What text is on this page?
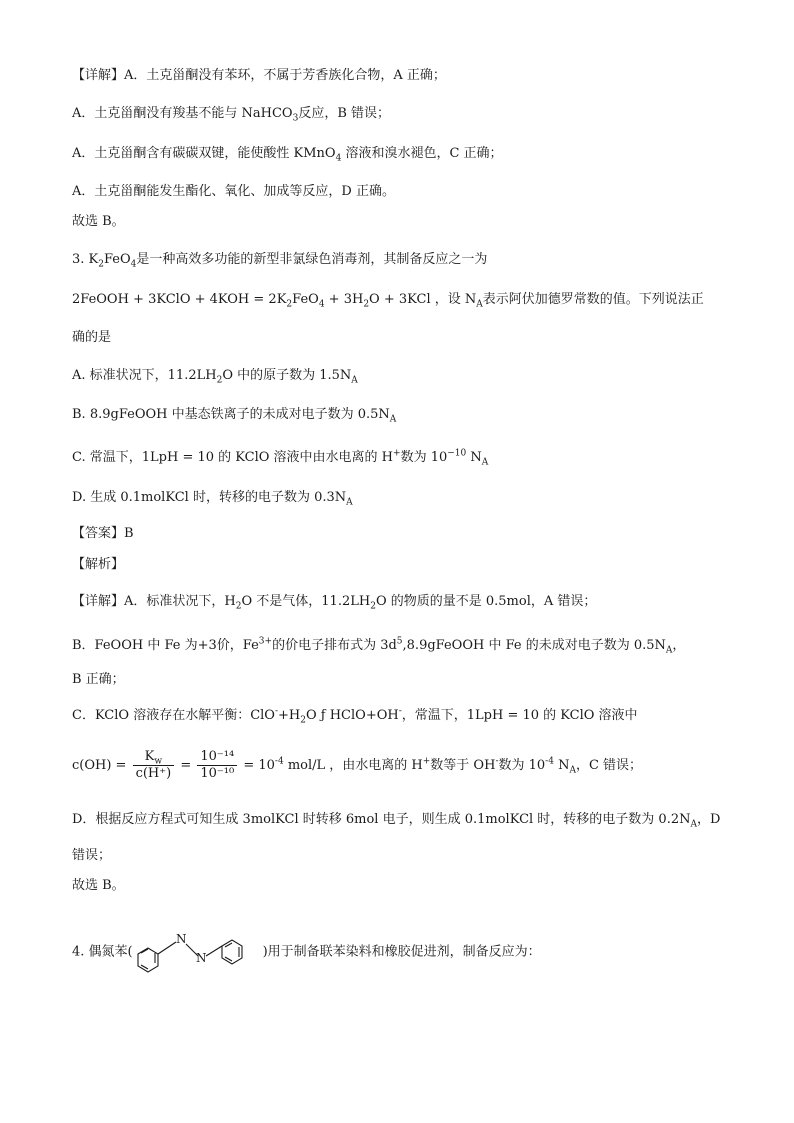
【详解】A．土克甾酮没有苯环，不属于芳香族化合物，A 正确；
A．土克甾酮没有羧基不能与 NaHCO$_3$反应，B 错误；
A．土克甾酮含有碳碳双键，能使酸性 KMnO$_4$ 溶液和溴水褪色，C 正确；
A．土克甾酮能发生酯化、氧化、加成等反应，D 正确。
故选 B。
3. $K_2FeO_4$是一种高效多功能的新型非氯绿色消毒剂，其制备反应之一为
2FeOOH + 3KClO + $4KOH = 2K_2FeO_4 + 3H_2O + 3KCl$ ，设 $N_A$表示阿伏加德罗常数的值。下列说法正
确的是
A. 标准状况下，$11.2LH_2O$ 中的原子数为 $1.5N_A$
B. 8.9gFeOOH 中基态铁离子的未成对电子数为 $0.5N_A$
C. 常温下，1LpH = 10 的 KClO 溶液中由水电离的 H+数为 $10^{-10}$ $N_A$
D. 生成 0.1molKCl 时，转移的电子数为 $0.3N_A$
【答案】B
【解析】
【详解】A．标准状况下，$H_2O$ 不是气体，$11.2LH_2O$ 的物质的量不是 0.5mol，A 错误；
B．FeOOH 中 Fe 为+3价，$Fe^{3+}$的价电子排布式为 $3d^5,8.9gFeOOH$ 中 Fe 的未成对电子数为 $0.5N_A$，
B 正确；
C．KClO 溶液存在水解平衡：$ClO^-+H_2O$ ƒ HClO+OH-，常温下，1LpH = 10 的 KClO 溶液中
$c(OH) = \frac{K_w}{c(H^+)} = \frac{\text{10⁻¹⁴}}{\text{10⁻¹⁰}} = 10^{-4}$ mol/L ，由水电离的 H+数等于 OH-数为 $10^{-4}$ $N_A$，C 错误；
D．根据反应方程式可知生成 3molKCl 时转移 6mol 电子，则生成 0.1molKCl 时，转移的电子数为 $0.2N_A$，D
错误；
故选 B。
4. 偶氮苯(
N
N	)用于制备联苯染料和橡胶促进剂，制备反应为：
